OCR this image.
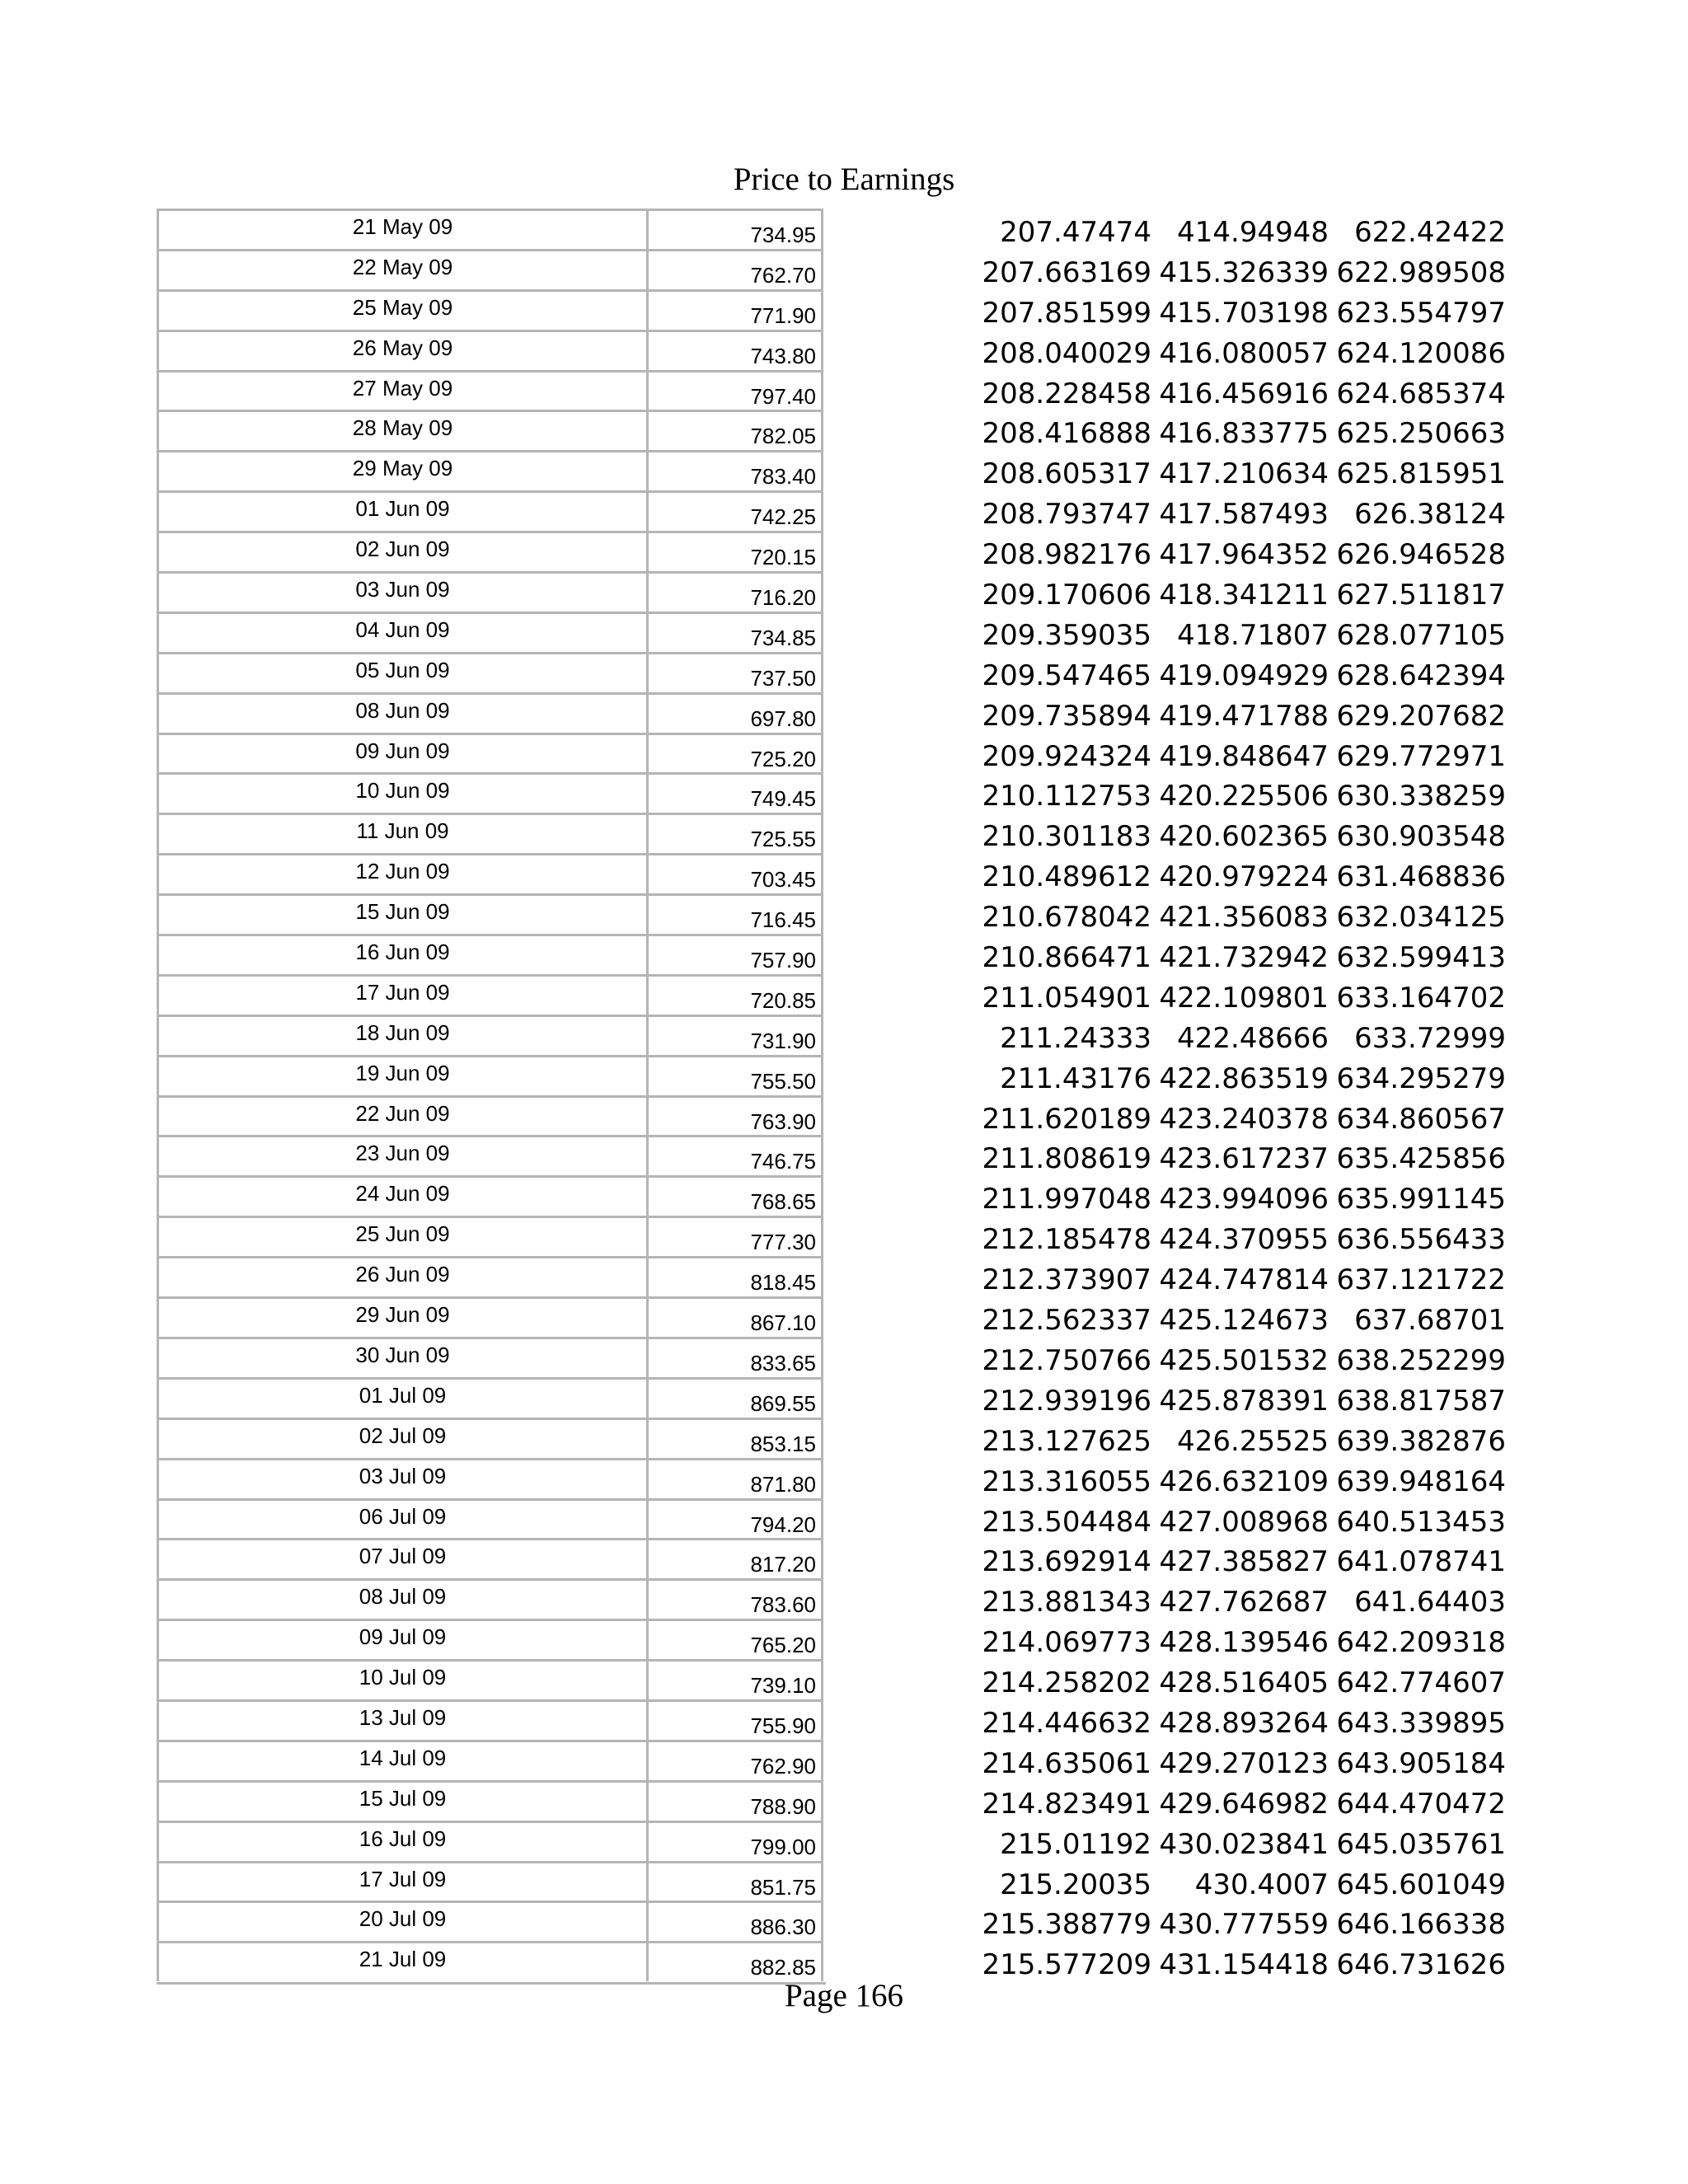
Price to Earnings
21 May 09	734.95	207.47474 414.94948 622.42422
22 May 09	762.70	207.663169 415.326339 622.989508
25 May 09	771.90	207.851599 415.703198 623.554797
26 May 09	743.80	208.040029 416.080057 624.120086
27 May 09	797.40	208.228458 416.456916 624.685374
28 May 09	782.05	208.416888 416.833775 625.250663
29 May 09	783.40	208.605317 417.210634 625.815951
01 Jun 09	742.25	208.793747 417.587493 626.38124
02 Jun 09	720.15	208.982176 417.964352 626.946528
03 Jun 09	716.20	209.170606 418.341211 627.511817
04 Jun 09	734.85	209.359035 418.71807 628.077105
05 Jun 09	737.50	209.547465 419.094929 628.642394
08 Jun 09	697.80	209.735894 419.471788 629.207682
09 Jun 09	725.20	209.924324 419.848647 629.772971
10 Jun 09	749.45	210.112753 420.225506 630.338259
11 Jun 09	725.55	210.301183 420.602365 630.903548
12 Jun 09	703.45	210.489612 420.979224 631.468836
15 Jun 09	716.45	210.678042 421.356083 632.034125
16 Jun 09	757.90	210.866471 421.732942 632.599413
17 Jun 09	720.85	211.054901 422.109801 633.164702
18 Jun 09	731.90	211.24333 422.48666 633.72999
19 Jun 09	755.50	211.43176 422.863519 634.295279
22 Jun 09	763.90	211.620189 423.240378 634.860567
23 Jun 09	746.75	211.808619 423.617237 635.425856
24 Jun 09	768.65	211.997048 423.994096 635.991145
25 Jun 09	777.30	212.185478 424.370955 636.556433
26 Jun 09	818.45	212.373907 424.747814 637.121722
29 Jun 09	867.10	212.562337 425.124673 637.68701
30 Jun 09	833.65	212.750766 425.501532 638.252299
01 Jul 09	869.55	212.939196 425.878391 638.817587
02 Jul 09	853.15	213.127625 426.25525 639.382876
03 Jul 09	871.80	213.316055 426.632109 639.948164
06 Jul 09	794.20	213.504484 427.008968 640.513453
07 Jul 09	817.20	213.692914 427.385827 641.078741
08 Jul 09	783.60	213.881343 427.762687 641.64403
09 Jul 09	765.20	214.069773 428.139546 642.209318
10 Jul 09	739.10	214.258202 428.516405 642.774607
13 Jul 09	755.90	214.446632 428.893264 643.339895
14 Jul 09	762.90	214.635061 429.270123 643.905184
15 Jul 09	788.90	214.823491 429.646982 644.470472
16 Jul 09	799.00	215.01192 430.023841 645.035761
17 Jul 09	851.75	215.20035	430.4007 645.601049
20 Jul 09	886.30	215.388779 430.777559 646.166338
21 Jul 09	882.85	215.577209 431.154418 646.731626
Page 166
